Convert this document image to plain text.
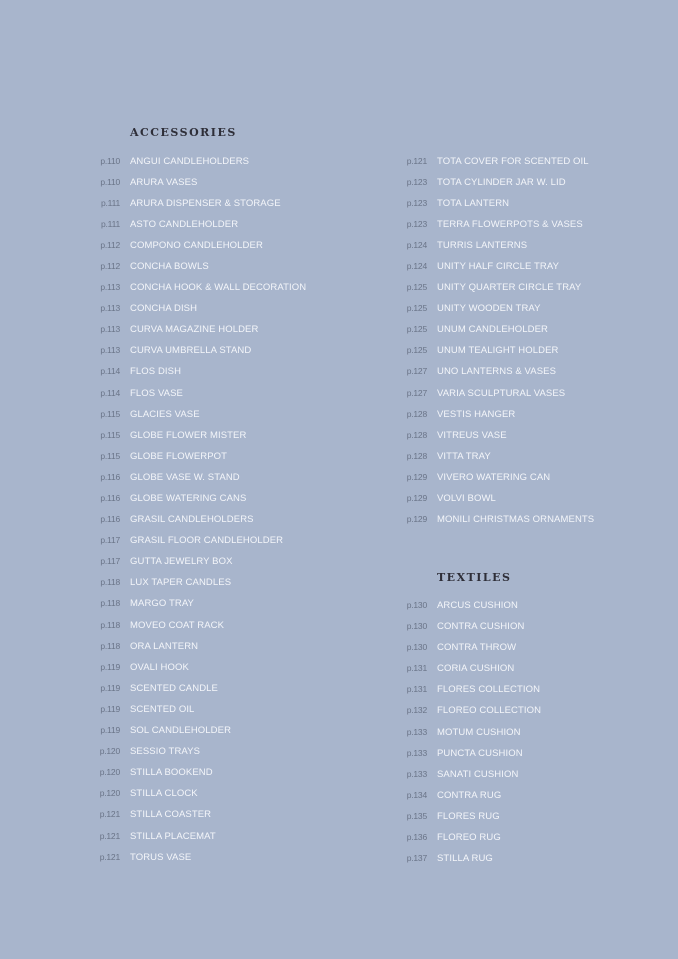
ACCESSORIES
p.110 ANGUI CANDLEHOLDERS
p.110 ARURA VASES
p.111 ARURA DISPENSER & STORAGE
p.111 ASTO CANDLEHOLDER
p.112 COMPONO CANDLEHOLDER
p.112 CONCHA BOWLS
p.113 CONCHA HOOK & WALL DECORATION
p.113 CONCHA DISH
p.113 CURVA MAGAZINE HOLDER
p.113 CURVA UMBRELLA STAND
p.114 FLOS DISH
p.114 FLOS VASE
p.115 GLACIES VASE
p.115 GLOBE FLOWER MISTER
p.115 GLOBE FLOWERPOT
p.116 GLOBE VASE W. STAND
p.116 GLOBE WATERING CANS
p.116 GRASIL CANDLEHOLDERS
p.117 GRASIL FLOOR CANDLEHOLDER
p.117 GUTTA JEWELRY BOX
p.118 LUX TAPER CANDLES
p.118 MARGO TRAY
p.118 MOVEO COAT RACK
p.118 ORA LANTERN
p.119 OVALI HOOK
p.119 SCENTED CANDLE
p.119 SCENTED OIL
p.119 SOL CANDLEHOLDER
p.120 SESSIO TRAYS
p.120 STILLA BOOKEND
p.120 STILLA CLOCK
p.121 STILLA COASTER
p.121 STILLA PLACEMAT
p.121 TORUS VASE
p.121 TOTA COVER FOR SCENTED OIL
p.123 TOTA CYLINDER JAR W. LID
p.123 TOTA LANTERN
p.123 TERRA FLOWERPOTS & VASES
p.124 TURRIS LANTERNS
p.124 UNITY HALF CIRCLE TRAY
p.125 UNITY QUARTER CIRCLE TRAY
p.125 UNITY WOODEN TRAY
p.125 UNUM CANDLEHOLDER
p.125 UNUM TEALIGHT HOLDER
p.127 UNO LANTERNS & VASES
p.127 VARIA SCULPTURAL VASES
p.128 VESTIS HANGER
p.128 VITREUS VASE
p.128 VITTA TRAY
p.129 VIVERO WATERING CAN
p.129 VOLVI BOWL
p.129 MONILI CHRISTMAS ORNAMENTS
TEXTILES
p.130 ARCUS CUSHION
p.130 CONTRA CUSHION
p.130 CONTRA THROW
p.131 CORIA CUSHION
p.131 FLORES COLLECTION
p.132 FLOREO COLLECTION
p.133 MOTUM CUSHION
p.133 PUNCTA CUSHION
p.133 SANATI CUSHION
p.134 CONTRA RUG
p.135 FLORES RUG
p.136 FLOREO RUG
p.137 STILLA RUG
